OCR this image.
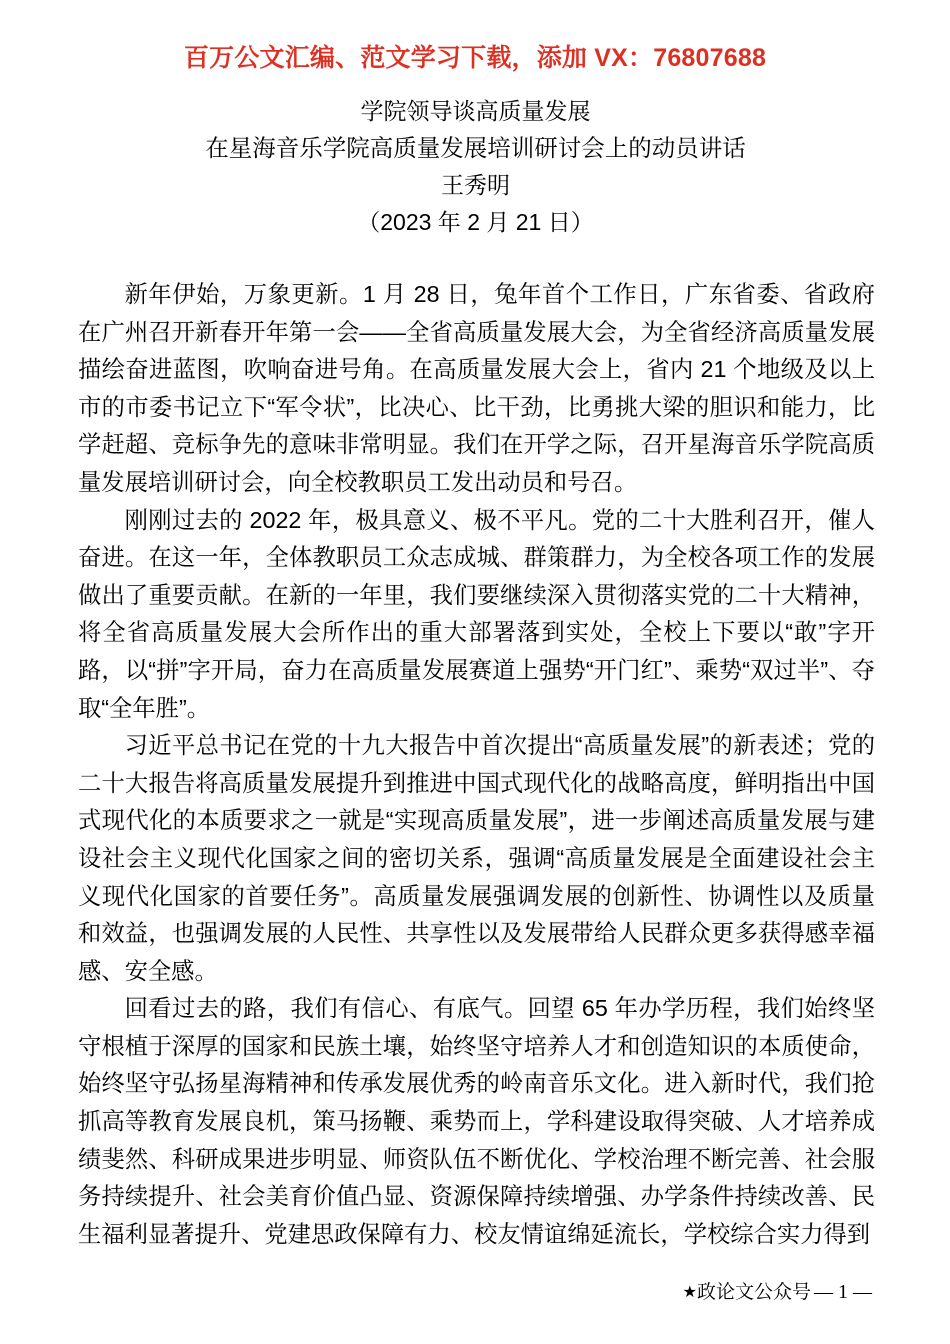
百万公文汇编、范文学习下载，添加 VX：76807688
学院领导谈高质量发展
在星海音乐学院高质量发展培训研讨会上的动员讲话
王秀明
（2023 年 2 月 21 日）

新年伊始，万象更新。1 月 28 日，兔年首个工作日，广东省委、省政府在广州召开新春开年第一会——全省高质量发展大会，为全省经济高质量发展描绘奋进蓝图，吹响奋进号角。在高质量发展大会上，省内 21 个地级及以上市的市委书记立下“军令状”，比决心、比干劲，比勇挑大梁的胆识和能力，比学赶超、竞标争先的意味非常明显。我们在开学之际，召开星海音乐学院高质量发展培训研讨会，向全校教职员工发出动员和号召。

刚刚过去的 2022 年，极具意义、极不平凡。党的二十大胜利召开，催人奋进。在这一年，全体教职员工众志成城、群策群力，为全校各项工作的发展做出了重要贡献。在新的一年里，我们要继续深入贯彻落实党的二十大精神，将全省高质量发展大会所作出的重大部署落到实处，全校上下要以“敢”字开路，以“拼”字开局，奋力在高质量发展赛道上强势“开门红”、乘势“双过半”、夺取“全年胜”。

习近平总书记在党的十九大报告中首次提出“高质量发展”的新表述；党的二十大报告将高质量发展提升到推进中国式现代化的战略高度，鲜明指出中国式现代化的本质要求之一就是“实现高质量发展”，进一步阐述高质量发展与建设社会主义现代化国家之间的密切关系，强调“高质量发展是全面建设社会主义现代化国家的首要任务”。高质量发展强调发展的创新性、协调性以及质量和效益，也强调发展的人民性、共享性以及发展带给人民群众更多获得感幸福感、安全感。

回看过去的路，我们有信心、有底气。回望 65 年办学历程，我们始终坚守根植于深厚的国家和民族土壤，始终坚守培养人才和创造知识的本质使命，始终坚守弘扬星海精神和传承发展优秀的岭南音乐文化。进入新时代，我们抢抓高等教育发展良机，策马扬鞭、乘势而上，学科建设取得突破、人才培养成绩斐然、科研成果进步明显、师资队伍不断优化、学校治理不断完善、社会服务持续提升、社会美育价值凸显、资源保障持续增强、办学条件持续改善、民生福利显著提升、党建思政保障有力、校友情谊绵延流长，学校综合实力得到

★政论文公众号 — 1 —
